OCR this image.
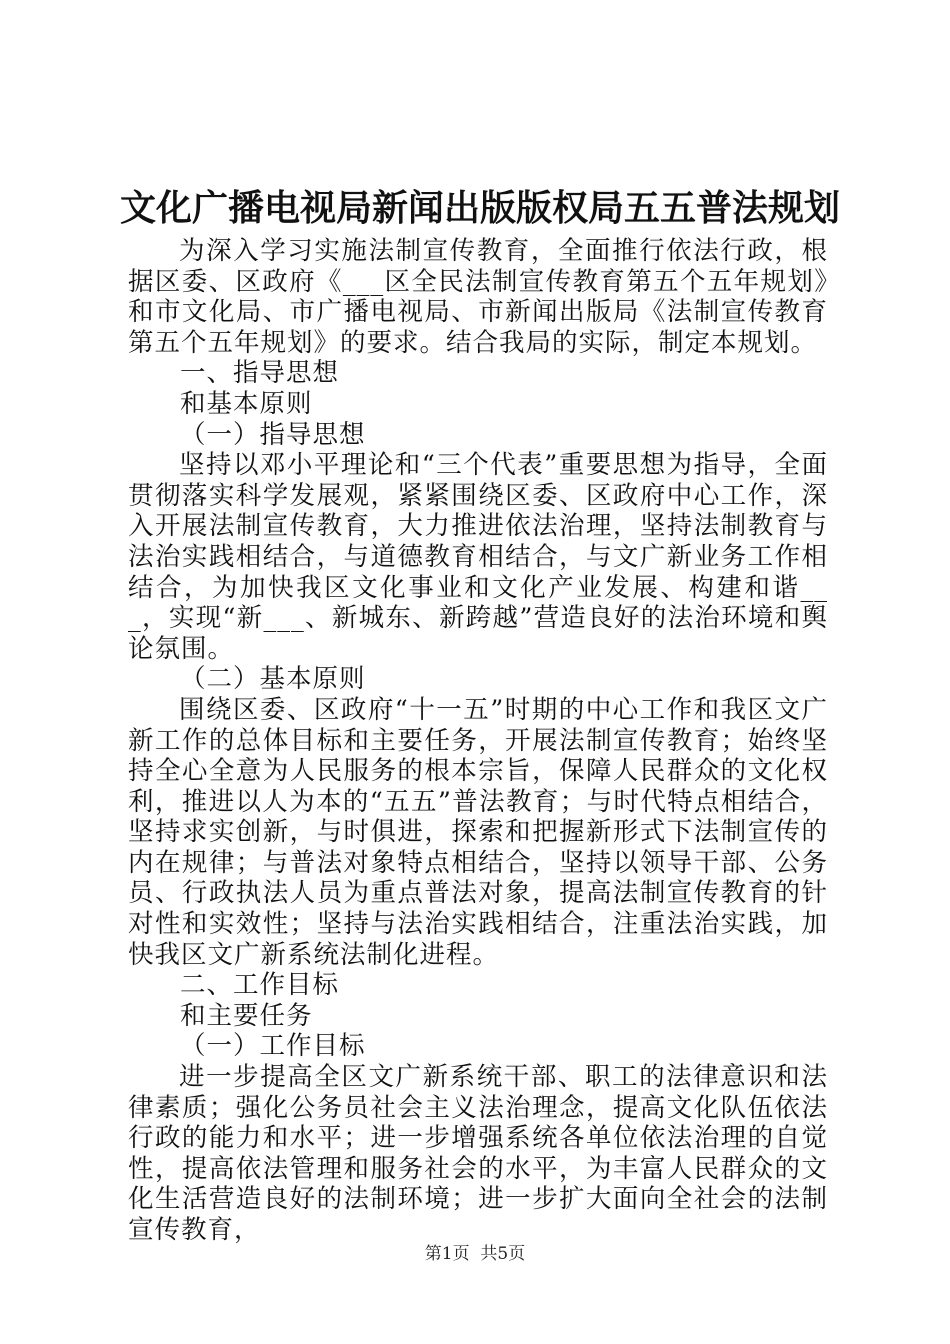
文化广播电视局新闻出版版权局五五普法规划

为深入学习实施法制宣传教育，全面推行依法行政，根据区委、区政府《___区全民法制宣传教育第五个五年规划》和市文化局、市广播电视局、市新闻出版局《法制宣传教育第五个五年规划》的要求。结合我局的实际，制定本规划。

一、指导思想

和基本原则

（一）指导思想

坚持以邓小平理论和“三个代表”重要思想为指导，全面贯彻落实科学发展观，紧紧围绕区委、区政府中心工作，深入开展法制宣传教育，大力推进依法治理，坚持法制教育与法治实践相结合，与道德教育相结合，与文广新业务工作相结合，为加快我区文化事业和文化产业发展、构建和谐___，实现“新___、新城东、新跨越”营造良好的法治环境和舆论氛围。

（二）基本原则

围绕区委、区政府“十一五”时期的中心工作和我区文广新工作的总体目标和主要任务，开展法制宣传教育；始终坚持全心全意为人民服务的根本宗旨，保障人民群众的文化权利，推进以人为本的“五五”普法教育；与时代特点相结合，坚持求实创新，与时俱进，探索和把握新形式下法制宣传的内在规律；与普法对象特点相结合，坚持以领导干部、公务员、行政执法人员为重点普法对象，提高法制宣传教育的针对性和实效性；坚持与法治实践相结合，注重法治实践，加快我区文广新系统法制化进程。

二、工作目标

和主要任务

（一）工作目标

进一步提高全区文广新系统干部、职工的法律意识和法律素质；强化公务员社会主义法治理念，提高文化队伍依法行政的能力和水平；进一步增强系统各单位依法治理的自觉性，提高依法管理和服务社会的水平，为丰富人民群众的文化生活营造良好的法制环境；进一步扩大面向全社会的法制宣传教育，

第1页 共5页
